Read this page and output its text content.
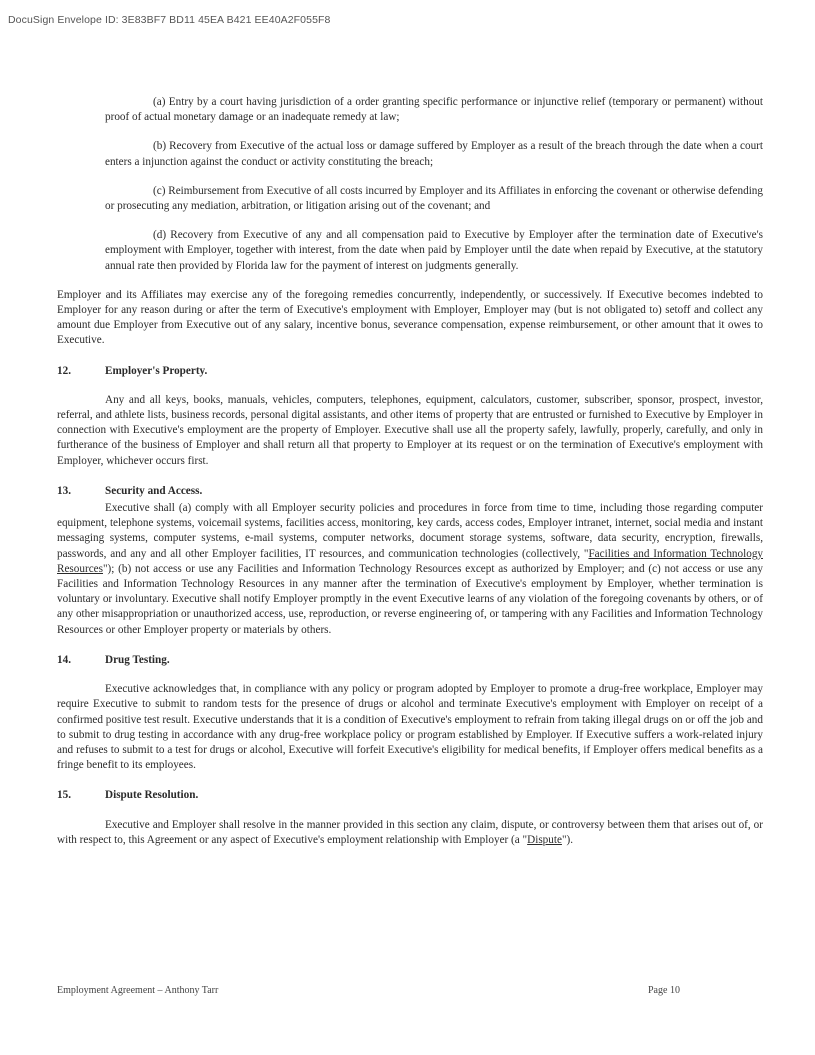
DocuSign Envelope ID: 3E83BF7 BD11 45EA B421 EE40A2F055F8

(a) Entry by a court having jurisdiction of a order granting specific performance or injunctive relief (temporary or permanent) without proof of actual monetary damage or an inadequate remedy at law;

(b) Recovery from Executive of the actual loss or damage suffered by Employer as a result of the breach through the date when a court enters a injunction against the conduct or activity constituting the breach;

(c) Reimbursement from Executive of all costs incurred by Employer and its Affiliates in enforcing the covenant or otherwise defending or prosecuting any mediation, arbitration, or litigation arising out of the covenant; and

(d) Recovery from Executive of any and all compensation paid to Executive by Employer after the termination date of Executive's employment with Employer, together with interest, from the date when paid by Employer until the date when repaid by Executive, at the statutory annual rate then provided by Florida law for the payment of interest on judgments generally.

Employer and its Affiliates may exercise any of the foregoing remedies concurrently, independently, or successively. If Executive becomes indebted to Employer for any reason during or after the term of Executive's employment with Employer, Employer may (but is not obligated to) setoff and collect any amount due Employer from Executive out of any salary, incentive bonus, severance compensation, expense reimbursement, or other amount that it owes to Executive.

12.	Employer's Property.

Any and all keys, books, manuals, vehicles, computers, telephones, equipment, calculators, customer, subscriber, sponsor, prospect, investor, referral, and athlete lists, business records, personal digital assistants, and other items of property that are entrusted or furnished to Executive by Employer in connection with Executive's employment are the property of Employer. Executive shall use all the property safely, lawfully, properly, carefully, and only in furtherance of the business of Employer and shall return all that property to Employer at its request or on the termination of Executive's employment with Employer, whichever occurs first.

13.	Security and Access.

Executive shall (a) comply with all Employer security policies and procedures in force from time to time, including those regarding computer equipment, telephone systems, voicemail systems, facilities access, monitoring, key cards, access codes, Employer intranet, internet, social media and instant messaging systems, computer systems, e-mail systems, computer networks, document storage systems, software, data security, encryption, firewalls, passwords, and any and all other Employer facilities, IT resources, and communication technologies (collectively, "Facilities and Information Technology Resources"); (b) not access or use any Facilities and Information Technology Resources except as authorized by Employer; and (c) not access or use any Facilities and Information Technology Resources in any manner after the termination of Executive's employment by Employer, whether termination is voluntary or involuntary. Executive shall notify Employer promptly in the event Executive learns of any violation of the foregoing covenants by others, or of any other misappropriation or unauthorized access, use, reproduction, or reverse engineering of, or tampering with any Facilities and Information Technology Resources or other Employer property or materials by others.

14.	Drug Testing.

Executive acknowledges that, in compliance with any policy or program adopted by Employer to promote a drug-free workplace, Employer may require Executive to submit to random tests for the presence of drugs or alcohol and terminate Executive's employment with Employer on receipt of a confirmed positive test result. Executive understands that it is a condition of Executive's employment to refrain from taking illegal drugs on or off the job and to submit to drug testing in accordance with any drug-free workplace policy or program established by Employer. If Executive suffers a work-related injury and refuses to submit to a test for drugs or alcohol, Executive will forfeit Executive's eligibility for medical benefits, if Employer offers medical benefits as a fringe benefit to its employees.

15.	Dispute Resolution.

Executive and Employer shall resolve in the manner provided in this section any claim, dispute, or controversy between them that arises out of, or with respect to, this Agreement or any aspect of Executive's employment relationship with Employer (a "Dispute").

Employment Agreement – Anthony Tarr	Page 10
